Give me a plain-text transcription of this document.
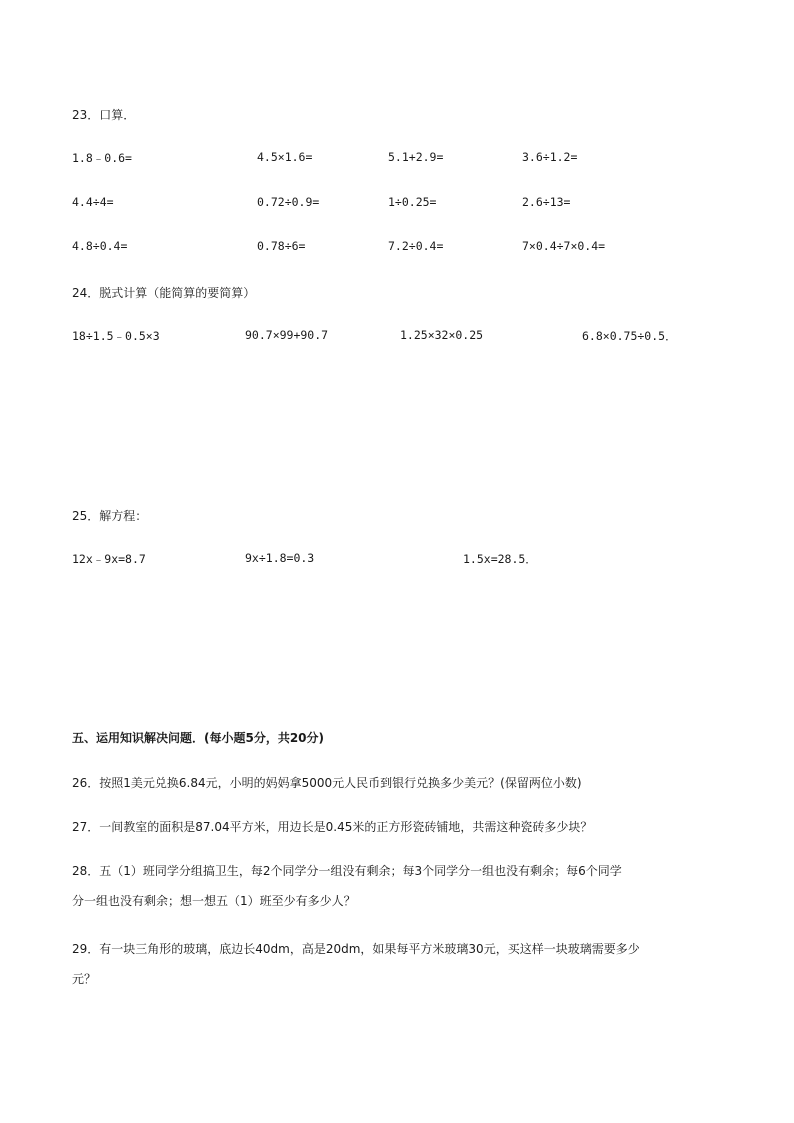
23．口算．
1.8﹣0.6=	4.5×1.6=	5.1+2.9=	3.6÷1.2=
4.4÷4=	0.72÷0.9=	1÷0.25=	2.6÷13=
4.8÷0.4=	0.78÷6=	7.2÷0.4=	7×0.4÷7×0.4=
24．脱式计算（能简算的要简算）
18÷1.5﹣0.5×3	90.7×99+90.7	1.25×32×0.25	6.8×0.75÷0.5．
25．解方程：
12x﹣9x=8.7	9x÷1.8=0.3	1.5x=28.5．
五、运用知识解决问题．(每小题5分，共20分)
26．按照1美元兑换6.84元，小明的妈妈拿5000元人民币到银行兑换多少美元？(保留两位小数)
27．一间教室的面积是87.04平方米，用边长是0.45米的正方形瓷砖铺地，共需这种瓷砖多少块？
28．五（1）班同学分组搞卫生，每2个同学分一组没有剩余；每3个同学分一组也没有剩余；每6个同学
分一组也没有剩余；想一想五（1）班至少有多少人？
29．有一块三角形的玻璃，底边长40dm，高是20dm，如果每平方米玻璃30元，买这样一块玻璃需要多少
元？
